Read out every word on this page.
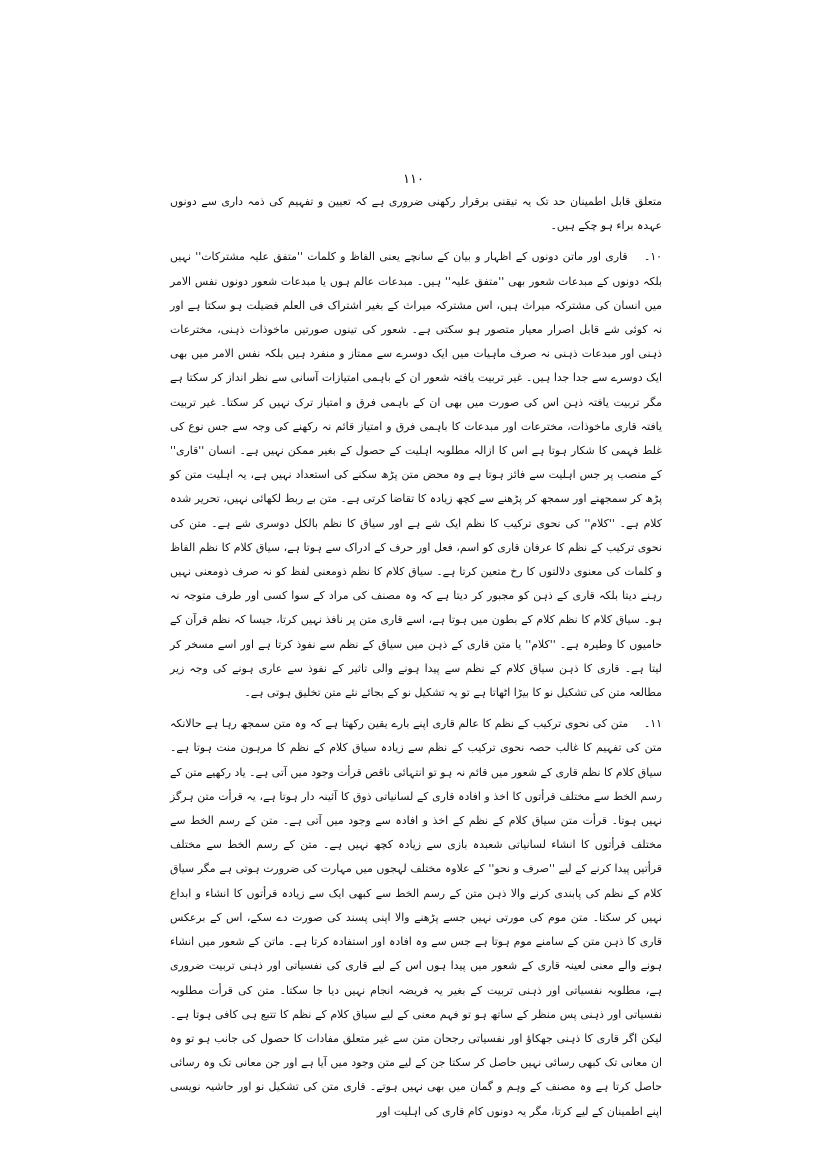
۱۱۰

متعلق قابل اطمینان حد تک یہ تیقنی برقرار رکھنی ضروری ہے کہ تعیین و تفہیم کی ذمہ داری سے دونوں عہدہ براء ہو چکے ہیں۔

۱۰۔ قاری اور ماتن دونوں کے اظہار و بیان کے سانچے یعنی الفاظ و کلمات ''متفق علیہ مشترکات'' نہیں بلکہ دونوں کے مبدعات شعور بھی ''متفق علیہ'' ہیں۔ مبدعات عالم ہوں یا مبدعات شعور دونوں نفس الامر میں انسان کی مشترکہ میراث ہیں، اس مشترکہ میراث کے بغیر اشتراک فی العلم فضیلت ہو سکتا ہے اور نہ کوئی شے قابل اصرار معیار متصور ہو سکتی ہے۔ شعور کی تینوں صورتیں ماخوذات ذہنی، مخترعات ذہنی اور مبدعات ذہنی نہ صرف ماہیات میں ایک دوسرے سے ممتاز و منفرد ہیں بلکہ نفس الامر میں بھی ایک دوسرے سے جدا جدا ہیں۔ غیر تربیت یافتہ شعور ان کے باہمی امتیازات آسانی سے نظر انداز کر سکتا ہے مگر تربیت یافتہ ذہن اس کی صورت میں بھی ان کے باہمی فرق و امتیاز ترک نہیں کر سکتا۔ غیر تربیت یافتہ قاری ماخوذات، مخترعات اور مبدعات کا باہمی فرق و امتیاز قائم نہ رکھنے کی وجہ سے جس نوع کی غلط فہمی کا شکار ہوتا ہے اس کا ازالہ مطلوبہ اہلیت کے حصول کے بغیر ممکن نہیں ہے۔ انسان ''قاری'' کے منصب پر جس اہلیت سے فائز ہوتا ہے وہ محض متن پڑھ سکنے کی استعداد نہیں ہے، یہ اہلیت متن کو پڑھ کر سمجھنے اور سمجھ کر پڑھنے سے کچھ زیادہ کا تقاضا کرتی ہے۔ متن بے ربط لکھائی نہیں، تحریر شدہ کلام ہے۔ ''کلام'' کی نحوی ترکیب کا نظم ایک شے ہے اور سیاق کا نظم بالکل دوسری شے ہے۔ متن کی نحوی ترکیب کے نظم کا عرفان قاری کو اسم، فعل اور حرف کے ادراک سے ہوتا ہے، سیاق کلام کا نظم الفاظ و کلمات کی معنوی دلالتوں کا رخ متعین کرتا ہے۔ سیاق کلام کا نظم ذومعنی لفظ کو نہ صرف ذومعنی نہیں رہنے دیتا بلکہ قاری کے ذہن کو مجبور کر دیتا ہے کہ وہ مصنف کی مراد کے سوا کسی اور طرف متوجہ نہ ہو۔ سیاق کلام کا نظم کلام کے بطون میں ہوتا ہے، اسے قاری متن پر نافذ نہیں کرتا، جیسا کہ نظم قرآن کے حامیوں کا وطیرہ ہے۔ ''کلام'' یا متن قاری کے ذہن میں سیاق کے نظم سے نفوذ کرتا ہے اور اسے مسخر کر لیتا ہے۔ قاری کا ذہن سیاق کلام کے نظم سے پیدا ہونے والی تاثیر کے نفوذ سے عاری ہونے کی وجہ زیر مطالعہ متن کی تشکیل نو کا بیڑا اٹھاتا ہے تو یہ تشکیل نو کے بجائے نئے متن تخلیق ہوتی ہے۔

۱۱۔ متن کی نحوی ترکیب کے نظم کا عالم قاری اپنے بارے یقین رکھتا ہے کہ وہ متن سمجھ رہا ہے حالانکہ متن کی تفہیم کا غالب حصہ نحوی ترکیب کے نظم سے زیادہ سیاق کلام کے نظم کا مرہون منت ہوتا ہے۔ سیاق کلام کا نظم قاری کے شعور میں قائم نہ ہو تو انتہائی ناقص قرأت وجود میں آتی ہے۔ یاد رکھیے متن کے رسم الخط سے مختلف قرأتوں کا اخذ و افادہ قاری کے لسانیاتی ذوق کا آئینہ دار ہوتا ہے، یہ قرأت متن ہرگز نہیں ہوتا۔ قرأت متن سیاق کلام کے نظم کے اخذ و افادہ سے وجود میں آتی ہے۔ متن کے رسم الخط سے مختلف قرأتوں کا انشاء لسانیاتی شعبدہ بازی سے زیادہ کچھ نہیں ہے۔ متن کے رسم الخط سے مختلف قرأتیں پیدا کرنے کے لیے ''صرف و نحو'' کے علاوہ مختلف لہجوں میں مہارت کی ضرورت ہوتی ہے مگر سیاق کلام کے نظم کی پابندی کرنے والا ذہن متن کے رسم الخط سے کبھی ایک سے زیادہ قرأتوں کا انشاء و ابداع نہیں کر سکتا۔ متن موم کی مورتی نہیں جسے پڑھنے والا اپنی پسند کی صورت دے سکے، اس کے برعکس قاری کا ذہن متن کے سامنے موم ہوتا ہے جس سے وہ افادہ اور استفادہ کرتا ہے۔ ماتن کے شعور میں انشاء ہونے والے معنی لعینہ قاری کے شعور میں پیدا ہوں اس کے لیے قاری کی نفسیاتی اور ذہنی تربیت ضروری ہے، مطلوبہ نفسیاتی اور ذہنی تربیت کے بغیر یہ فریضہ انجام نہیں دیا جا سکتا۔ متن کی قرأت مطلوبہ نفسیاتی اور ذہنی پس منظر کے ساتھ ہو تو فہم معنی کے لیے سیاق کلام کے نظم کا تتبع ہی کافی ہوتا ہے۔ لیکن اگر قاری کا ذہنی جھکاؤ اور نفسیاتی رجحان متن سے غیر متعلق مفادات کا حصول کی جانب ہو تو وہ ان معانی تک کبھی رسائی نہیں حاصل کر سکتا جن کے لیے متن وجود میں آیا ہے اور جن معانی تک وہ رسائی حاصل کرتا ہے وہ مصنف کے وہم و گمان میں بھی نہیں ہوتے۔ قاری متن کی تشکیل نو اور حاشیہ نویسی اپنے اطمینان کے لیے کرتا، مگر یہ دونوں کام قاری کی اہلیت اور
